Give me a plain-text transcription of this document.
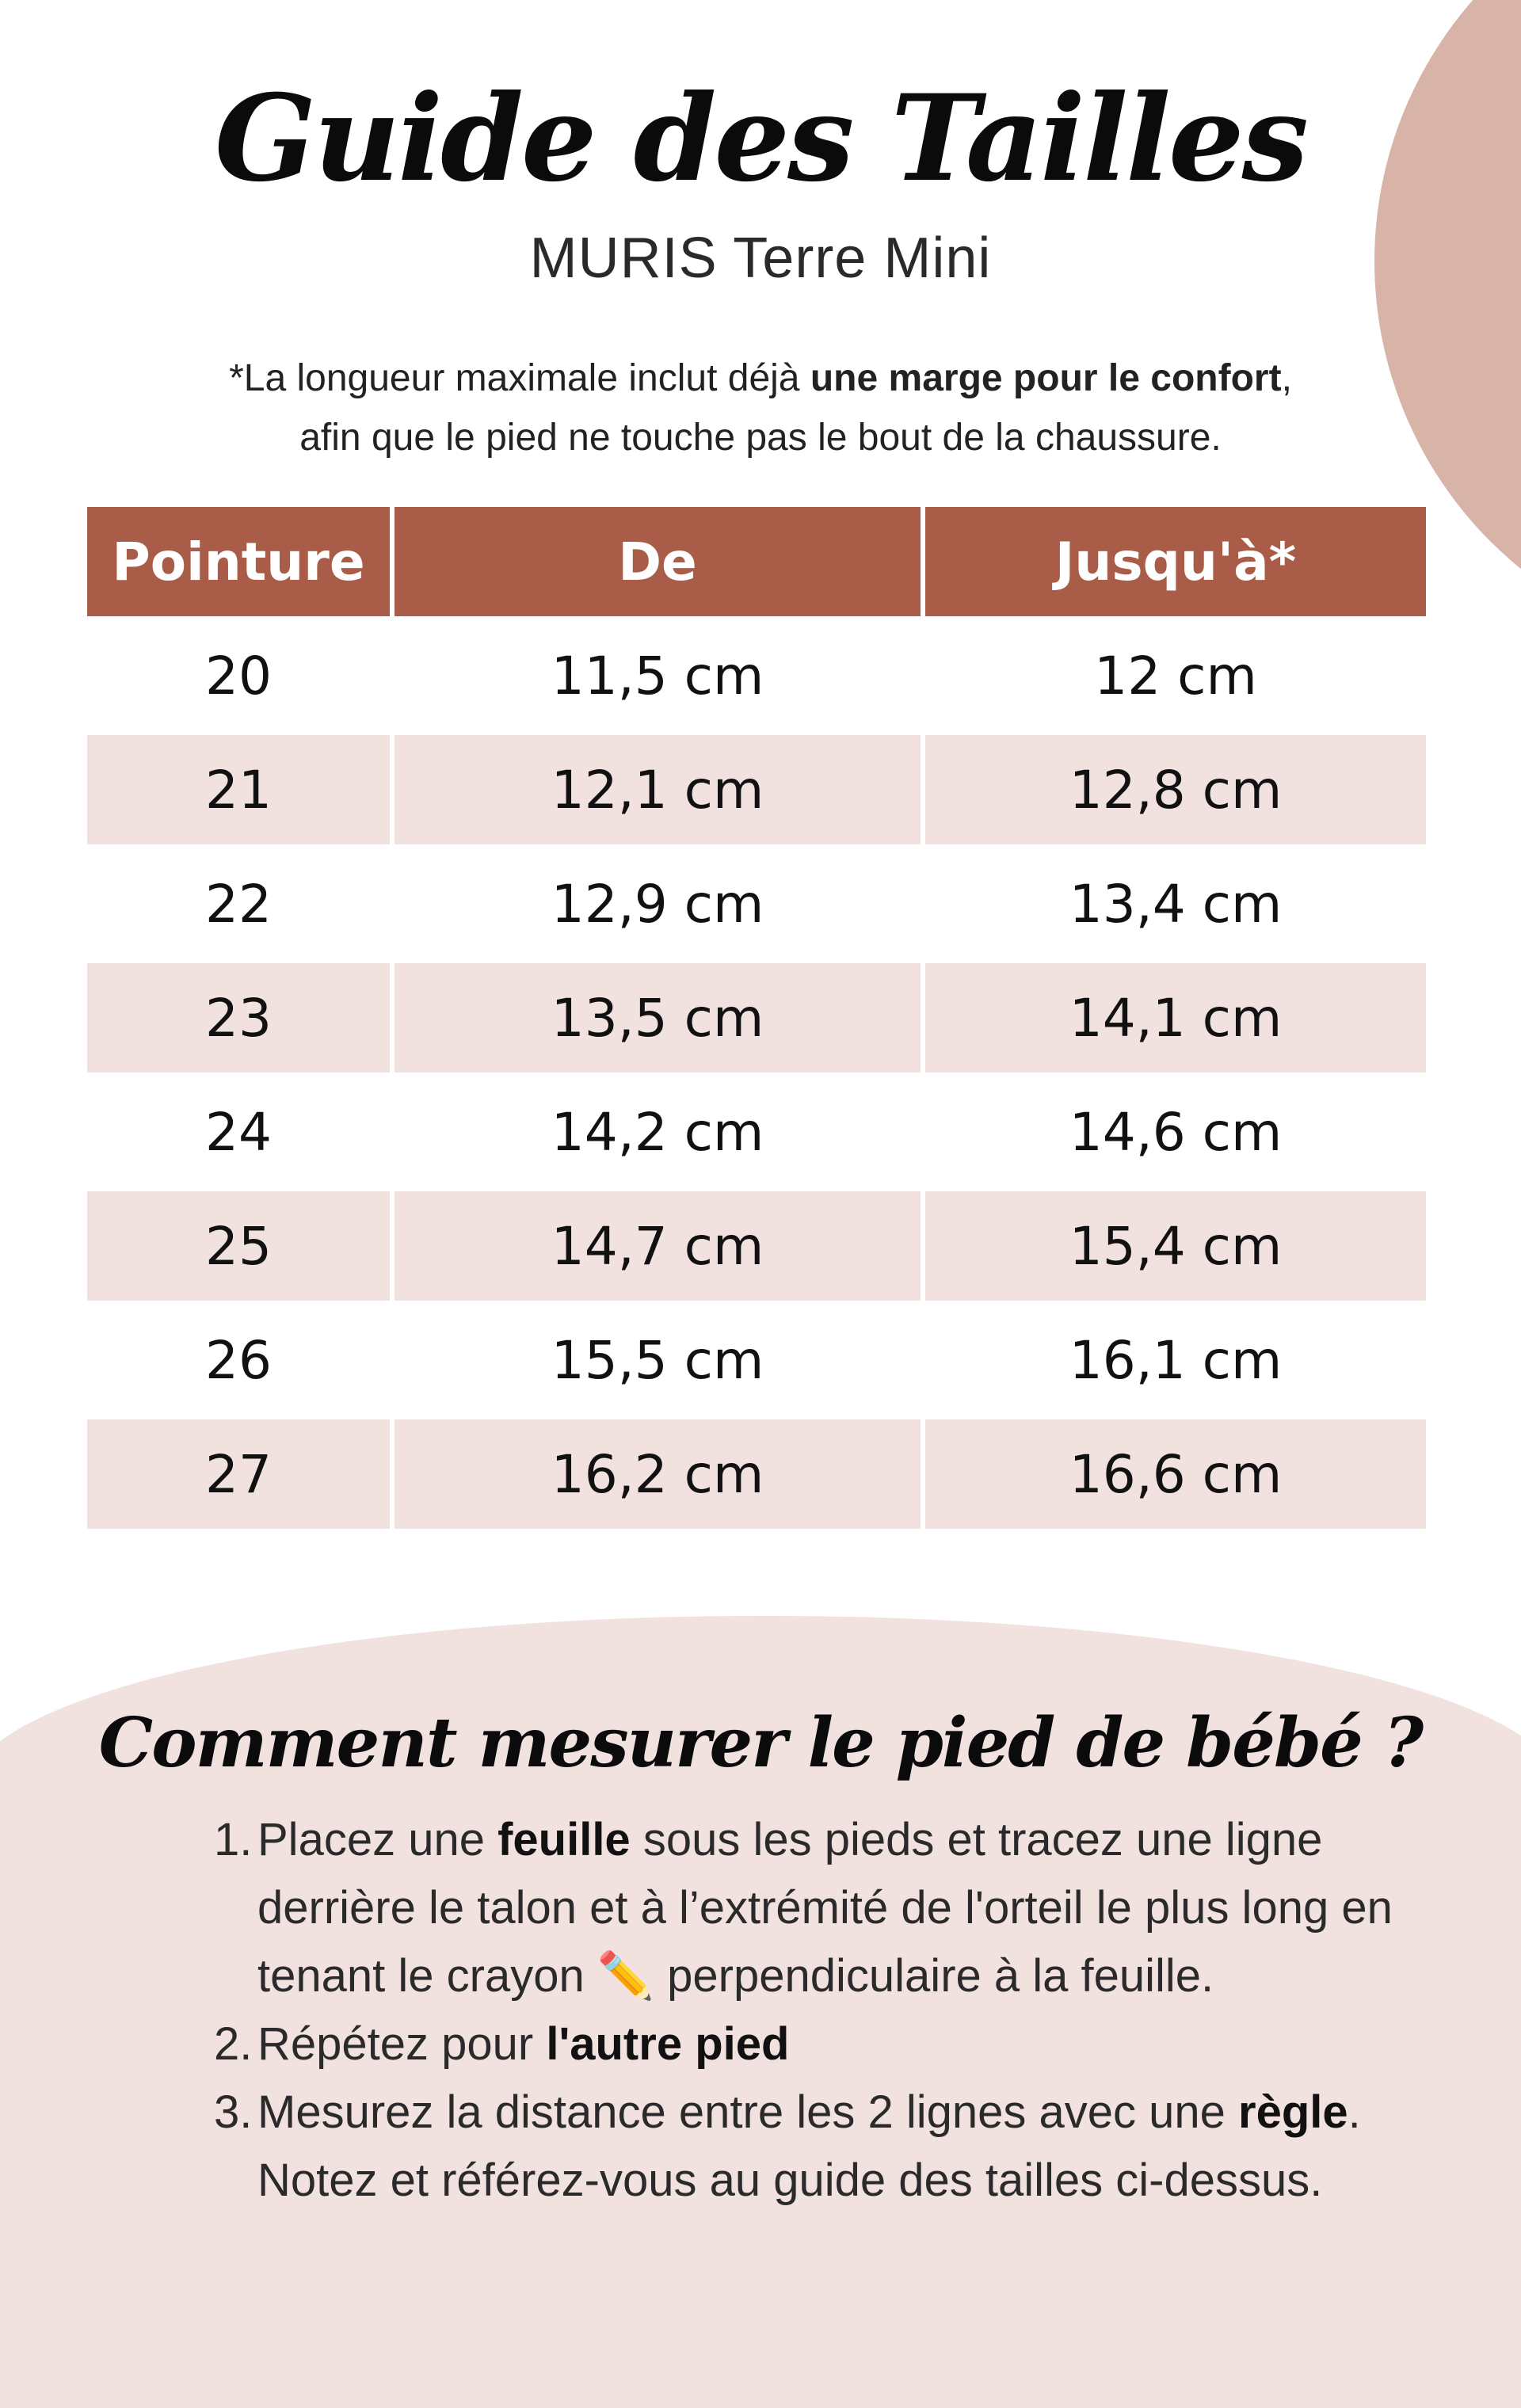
Guide des Tailles
MURIS Terre Mini
*La longueur maximale inclut déjà une marge pour le confort,
afin que le pied ne touche pas le bout de la chaussure.
Pointure	De	Jusqu'à*
20	11,5 cm	12 cm
21	12,1 cm	12,8 cm
22	12,9 cm	13,4 cm
23	13,5 cm	14,1 cm
24	14,2 cm	14,6 cm
25	14,7 cm	15,4 cm
26	15,5 cm	16,1 cm
27	16,2 cm	16,6 cm
Comment mesurer le pied de bébé ?
1. Placez une feuille sous les pieds et tracez une ligne derrière le talon et à l’extrémité de l'orteil le plus long en tenant le crayon ✏️ perpendiculaire à la feuille.
2. Répétez pour l'autre pied
3. Mesurez la distance entre les 2 lignes avec une règle. Notez et référez-vous au guide des tailles ci-dessus.
